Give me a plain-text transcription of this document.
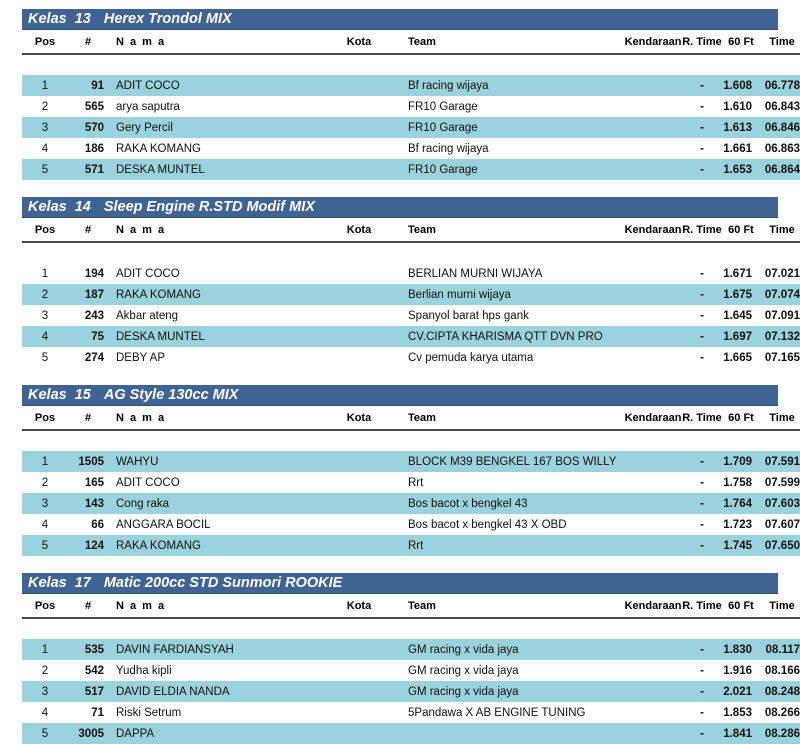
Kelas 13 Herex Trondol MIX
Pos	#	N a m a	Kota	Team	Kendaraan	R. Time	60 Ft	Time

1	91	ADIT COCO		Bf racing wijaya		-	1.608	06.778
2	565	arya saputra		FR10 Garage		-	1.610	06.843
3	570	Gery Percil		FR10 Garage		-	1.613	06.846
4	186	RAKA KOMANG		Bf racing wijaya		-	1.661	06.863
5	571	DESKA MUNTEL		FR10 Garage		-	1.653	06.864
Kelas 14 Sleep Engine R.STD Modif MIX
Pos	#	N a m a	Kota	Team	Kendaraan	R. Time	60 Ft	Time

1	194	ADIT COCO		BERLIAN MURNI WIJAYA		-	1.671	07.021
2	187	RAKA KOMANG		Berlian murni wijaya		-	1.675	07.074
3	243	Akbar ateng		Spanyol barat hps gank		-	1.645	07.091
4	75	DESKA MUNTEL		CV.CIPTA KHARISMA QTT DVN PRO		-	1.697	07.132
5	274	DEBY AP		Cv pemuda karya utama		-	1.665	07.165
Kelas 15 AG Style 130cc MIX
Pos	#	N a m a	Kota	Team	Kendaraan	R. Time	60 Ft	Time

1	1505	WAHYU		BLOCK M39 BENGKEL 167 BOS WILLY		-	1.709	07.591
2	165	ADIT COCO		Rrt		-	1.758	07.599
3	143	Cong raka		Bos bacot x bengkel 43		-	1.764	07.603
4	66	ANGGARA BOCIL		Bos bacot x bengkel 43 X OBD		-	1.723	07.607
5	124	RAKA KOMANG		Rrt		-	1.745	07.650
Kelas 17 Matic 200cc STD Sunmori ROOKIE
Pos	#	N a m a	Kota	Team	Kendaraan	R. Time	60 Ft	Time

1	535	DAVIN FARDIANSYAH		GM racing x vida jaya		-	1.830	08.117
2	542	Yudha kipli		GM racing x vida jaya		-	1.916	08.166
3	517	DAVID ELDIA NANDA		GM racing x vida jaya		-	2.021	08.248
4	71	Riski Setrum		5Pandawa X AB ENGINE TUNING		-	1.853	08.266
5	3005	DAPPA				-	1.841	08.286
